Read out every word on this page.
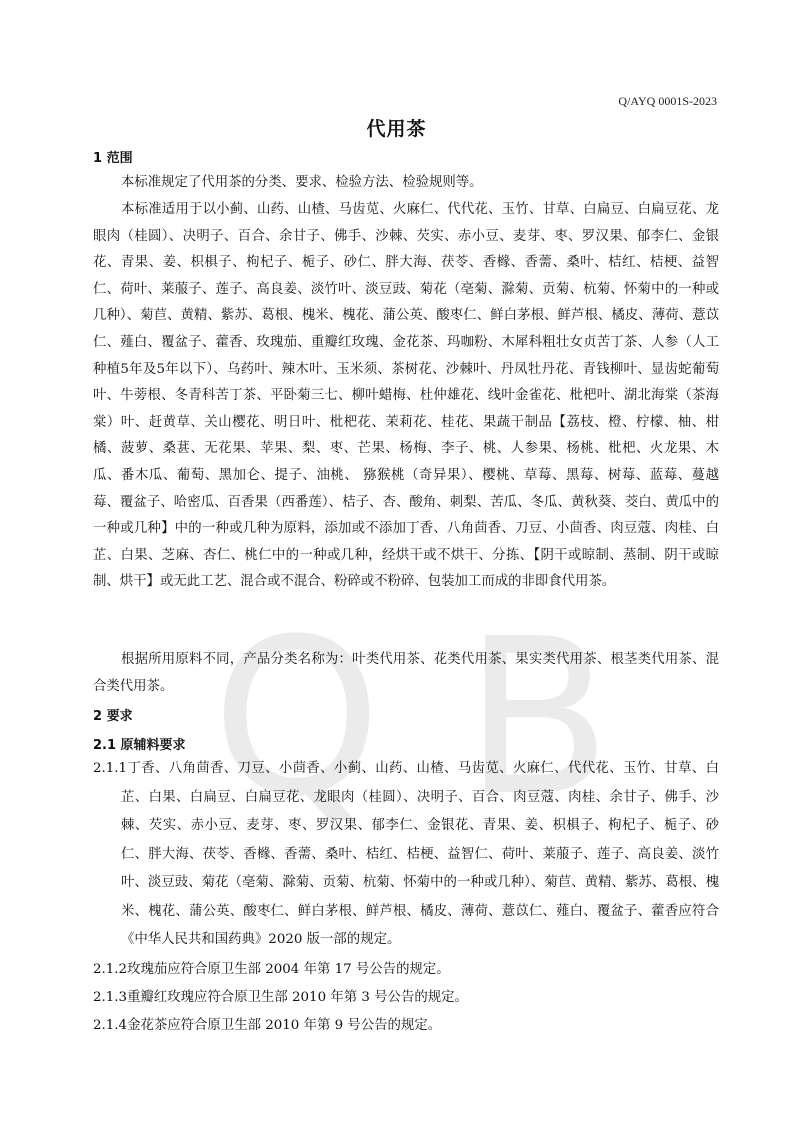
Q B
Q/AYQ 0001S-2023
代用茶
1 范围

本标准规定了代用茶的分类、要求、检验方法、检验规则等。

本标准适用于以小蓟、山药、山楂、马齿苋、火麻仁、代代花、玉竹、甘草、白扁豆、白扁豆花、龙眼肉（桂圆）、决明子、百合、余甘子、佛手、沙棘、芡实、赤小豆、麦芽、枣、罗汉果、郁李仁、金银花、青果、姜、枳椇子、枸杞子、栀子、砂仁、胖大海、茯苓、香橼、香薷、桑叶、桔红、桔梗、益智仁、荷叶、莱菔子、莲子、高良姜、淡竹叶、淡豆豉、菊花（亳菊、滁菊、贡菊、杭菊、怀菊中的一种或几种）、菊苣、黄精、紫苏、葛根、槐米、槐花、蒲公英、酸枣仁、鲜白茅根、鲜芦根、橘皮、薄荷、薏苡仁、薤白、覆盆子、藿香、玫瑰茄、重瓣红玫瑰、金花茶、玛咖粉、木犀科粗壮女贞苦丁茶、人参（人工种植5年及5年以下）、乌药叶、辣木叶、玉米须、茶树花、沙棘叶、丹凤牡丹花、青钱柳叶、显齿蛇葡萄叶、牛蒡根、冬青科苦丁茶、平卧菊三七、柳叶蜡梅、杜仲雄花、线叶金雀花、枇杷叶、湖北海棠（茶海棠）叶、赶黄草、关山樱花、明日叶、枇杷花、茉莉花、桂花、果蔬干制品【荔枝、橙、柠檬、柚、柑橘、菠萝、桑葚、无花果、苹果、梨、枣、芒果、杨梅、李子、桃、人参果、杨桃、枇杷、火龙果、木瓜、番木瓜、葡萄、黑加仑、提子、油桃、 猕猴桃（奇异果）、樱桃、草莓、黑莓、树莓、蓝莓、蔓越莓、覆盆子、哈密瓜、百香果（西番莲）、桔子、杏、酸角、刺梨、苦瓜、冬瓜、黄秋葵、茭白、黄瓜中的一种或几种】中的一种或几种为原料，添加或不添加丁香、八角茴香、刀豆、小茴香、肉豆蔻、肉桂、白芷、白果、芝麻、杏仁、桃仁中的一种或几种，经烘干或不烘干、分拣、【阴干或晾制、蒸制、阴干或晾制、烘干】或无此工艺、混合或不混合、粉碎或不粉碎、包装加工而成的非即食代用茶。

根据所用原料不同，产品分类名称为：叶类代用茶、花类代用茶、果实类代用茶、根茎类代用茶、混合类代用茶。

2 要求
2.1 原辅料要求

2.1.1丁香、八角茴香、刀豆、小茴香、小蓟、山药、山楂、马齿苋、火麻仁、代代花、玉竹、甘草、白芷、白果、白扁豆、白扁豆花、龙眼肉（桂圆）、决明子、百合、肉豆蔻、肉桂、余甘子、佛手、沙棘、芡实、赤小豆、麦芽、枣、罗汉果、郁李仁、金银花、青果、姜、枳椇子、枸杞子、栀子、砂仁、胖大海、茯苓、香橼、香薷、桑叶、桔红、桔梗、益智仁、荷叶、莱菔子、莲子、高良姜、淡竹叶、淡豆豉、菊花（亳菊、滁菊、贡菊、杭菊、怀菊中的一种或几种）、菊苣、黄精、紫苏、葛根、槐米、槐花、蒲公英、酸枣仁、鲜白茅根、鲜芦根、橘皮、薄荷、薏苡仁、薤白、覆盆子、藿香应符合《中华人民共和国药典》2020 版一部的规定。

2.1.2玫瑰茄应符合原卫生部 2004 年第 17 号公告的规定。
2.1.3重瓣红玫瑰应符合原卫生部 2010 年第 3 号公告的规定。
2.1.4金花茶应符合原卫生部 2010 年第 9 号公告的规定。
